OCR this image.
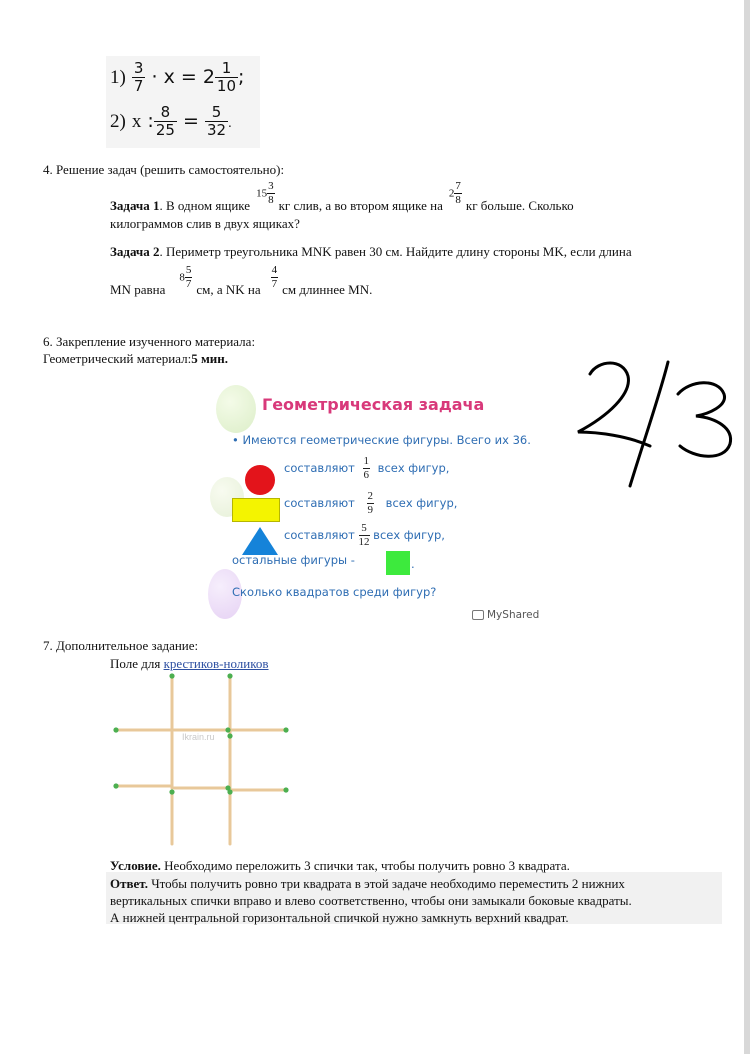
$1) \frac{3}{7} \cdot x = 2 \frac{1}{10}$ ;
2) x : $\frac{8}{25} = \frac{5}{32}$ .
4. Решение задач (решить самостоятельно):
Задача 1 . В одном ящике
$15 \frac{3}{8}$ кг слив, а во втором ящике на
$2 \frac{7}{8}$ кг больше. Сколько
килограммов слив в двух ящиках?
Задача 2. Периметр треугольника MNK равен 30 см. Найдите длину стороны MK, если длина
MN равна
$8 \frac{5}{7}$ см, а NK на $\frac{4}{7}$ см длиннее MN.
6. Закрепление изученного материала:
Геометрический материал:5 мин.	2/3
Геометрическая задача
• Имеются геометрические фигуры. Всего их 36.
составляют $\frac{1}{6}$ всех фигур,
составляют $\frac{2}{9}$ всех фигур,
составляют $\frac{5}{12}$ всех фигур,
остальные фигуры -	.
Сколько квадратов среди фигур?
MyShared
7. Дополнительное задание:
Поле для крестиков-ноликов
Ikrain.ru
Условие. Необходимо переложить 3 спички так, чтобы получить ровно 3 квадрата.
Ответ. Чтобы получить ровно три квадрата в этой задаче необходимо переместить 2 нижних
вертикальных спички вправо и влево соответственно, чтобы они замыкали боковые квадраты.
А нижней центральной горизонтальной спичкой нужно замкнуть верхний квадрат.
